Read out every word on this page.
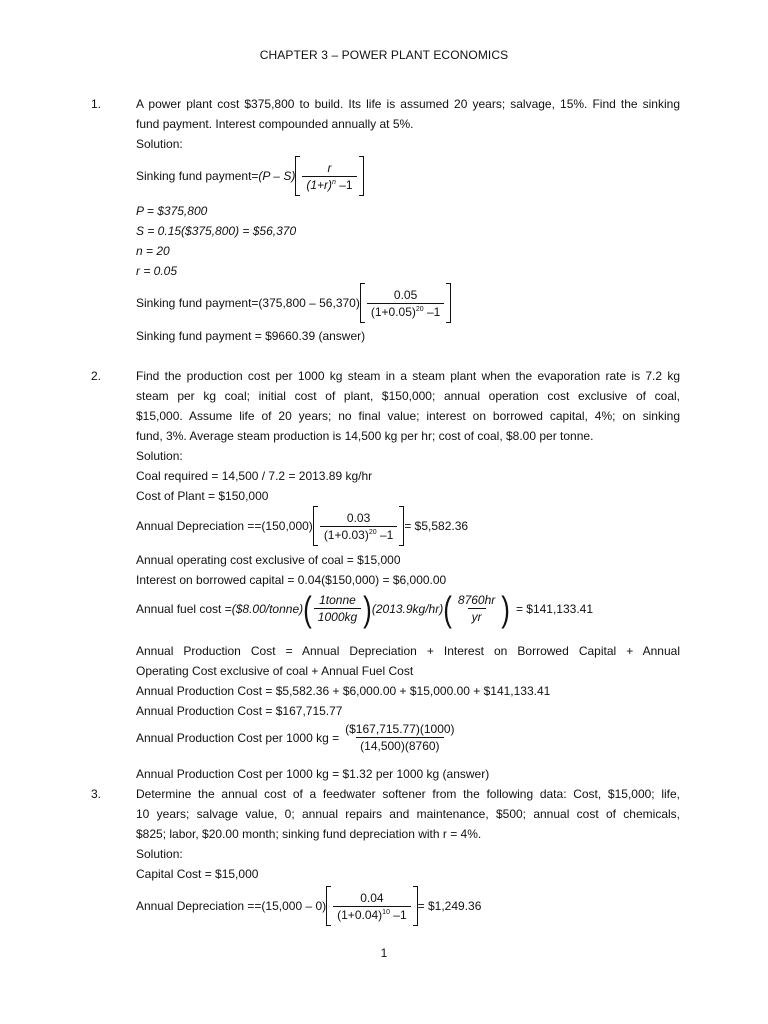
CHAPTER 3 – POWER PLANT ECONOMICS
1.	A power plant cost $375,800 to build. Its life is assumed 20 years; salvage, 15%. Find the sinking
fund payment. Interest compounded annually at 5%.
Solution:
Sinking fund payment = $(P - S) \frac{r}{(1+r)^n -1}$
P = $375,800
S = 0.15($375,800) = $56,370
n = 20
r = 0.05
Sinking fund payment = $(375,800 - 56,370) \frac{0.05}{(1+0.05)^{20} -1}$
Sinking fund payment = $9660.39 (answer)
2.	Find the production cost per 1000 kg steam in a steam plant when the evaporation rate is 7.2 kg
steam per kg coal; initial cost of plant, $150,000; annual operation cost exclusive of coal,
$15,000. Assume life of 20 years; no final value; interest on borrowed capital, 4%; on sinking
fund, 3%. Average steam production is 14,500 kg per hr; cost of coal, $8.00 per tonne.
Solution:
Coal required = 14,500 / 7.2 = 2013.89 kg/hr
Cost of Plant = $150,000
Annual Depreciation = $=(150,000) \frac{0.03}{(1+0.03)^{20} -1}$ = $5,582.36
Annual operating cost exclusive of coal = $15,000
Interest on borrowed capital = 0.04($150,000) = $6,000.00
Annual fuel cost = ($8.00/tonne) ( $\frac{\text{1tonne}}{1000kg}$ ) (2013.9kg/hr) ( $\frac{8760hr}{yr}$ ) = $141,133.41
Annual Production Cost = Annual Depreciation + Interest on Borrowed Capital + Annual
Operating Cost exclusive of coal + Annual Fuel Cost
Annual Production Cost = $5,582.36 + $6,000.00 + $15,000.00 + $141,133.41
Annual Production Cost = $167,715.77
Annual Production Cost per 1000 kg = $\frac{(\$167,715.77)(1000)}{(14,500)(8760)}$
Annual Production Cost per 1000 kg = $1.32 per 1000 kg (answer)
3.	Determine the annual cost of a feedwater softener from the following data: Cost, $15,000; life,
10 years; salvage value, 0; annual repairs and maintenance, $500; annual cost of chemicals,
$825; labor, $20.00 month; sinking fund depreciation with r = 4%.
Solution:
Capital Cost = $15,000
Annual Depreciation = $=(15,000 - 0) \frac{0.04}{(1+0.04)^{10} -1}$ = $1,249.36
1
